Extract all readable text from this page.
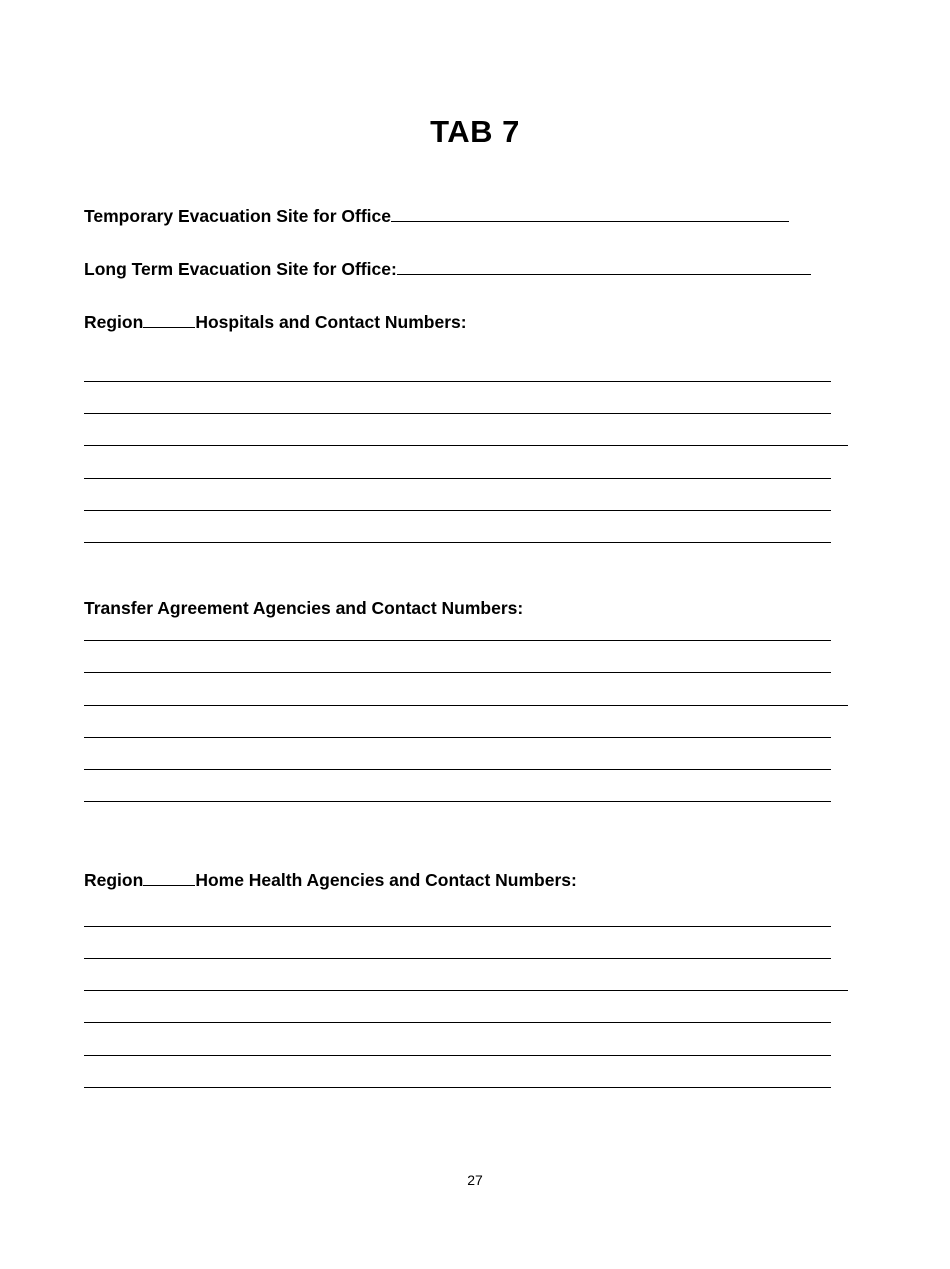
TAB 7
Temporary Evacuation Site for Office
Long Term Evacuation Site for Office:
Region	Hospitals and Contact Numbers:
Transfer Agreement Agencies and Contact Numbers:
Region	Home Health Agencies and Contact Numbers:
27
